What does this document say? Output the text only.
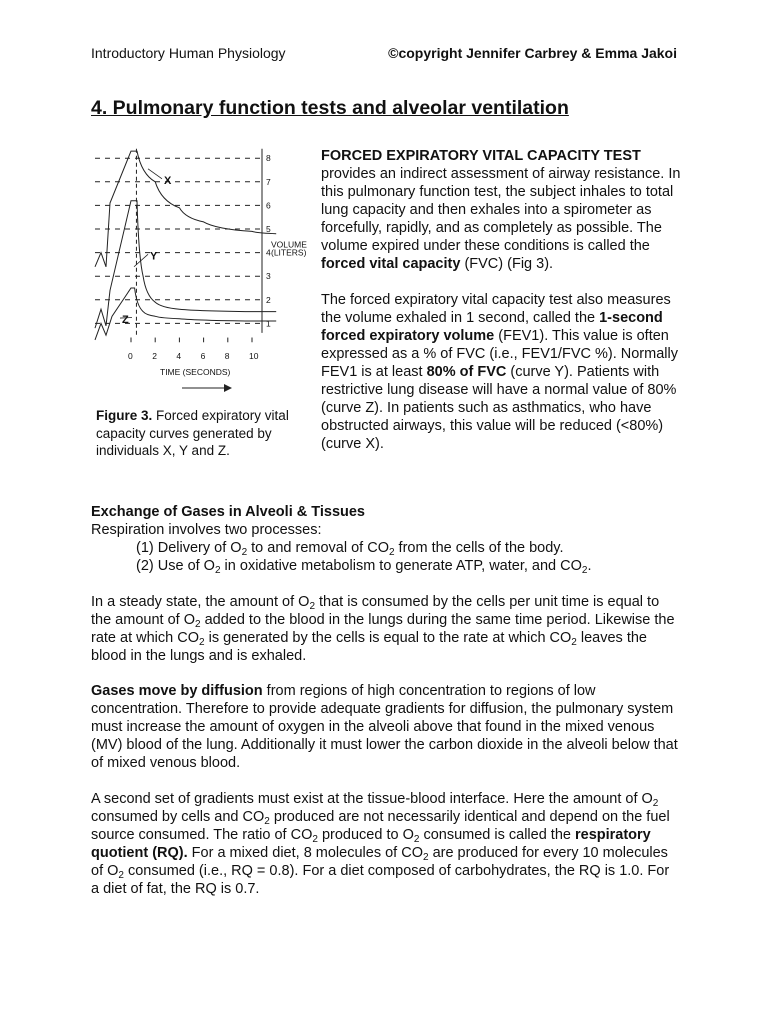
Introductory Human Physiology	©copyright Jennifer Carbrey & Emma Jakoi
4. Pulmonary function tests and alveolar ventilation
8
7
6
5
4
3
2
1
VOLUME
(LITERS)
0 2 4 6 8 10
TIME (SECONDS)
X
Y
Z
Figure 3. Forced expiratory vital capacity curves generated by individuals X, Y and Z.

FORCED EXPIRATORY VITAL CAPACITY TEST
provides an indirect assessment of airway resistance. In this pulmonary function test, the subject inhales to total lung capacity and then exhales into a spirometer as forcefully, rapidly, and as completely as possible. The volume expired under these conditions is called the forced vital capacity (FVC) (Fig 3).

The forced expiratory vital capacity test also measures the volume exhaled in 1 second, called the 1-second forced expiratory volume (FEV1). This value is often expressed as a % of FVC (i.e., FEV1/FVC %). Normally FEV1 is at least 80% of FVC (curve Y). Patients with restrictive lung disease will have a normal value of 80% (curve Z). In patients such as asthmatics, who have obstructed airways, this value will be reduced (<80%) (curve X).

Exchange of Gases in Alveoli & Tissues

Respiration involves two processes:

(1) Delivery of $O_2$ to and removal of $CO_2$ from the cells of the body.

(2) Use of $O_2$ in oxidative metabolism to generate ATP, water, and $CO_2$.

In a steady state, the amount of $O_2$ that is consumed by the cells per unit time is equal to the amount of $O_2$ added to the blood in the lungs during the same time period. Likewise the rate at which $CO_2$ is generated by the cells is equal to the rate at which $CO_2$ leaves the blood in the lungs and is exhaled.

Gases move by diffusion from regions of high concentration to regions of low concentration. Therefore to provide adequate gradients for diffusion, the pulmonary system must increase the amount of oxygen in the alveoli above that found in the mixed venous (MV) blood of the lung. Additionally it must lower the carbon dioxide in the alveoli below that of mixed venous blood.

A second set of gradients must exist at the tissue-blood interface. Here the amount of $O_2$ consumed by cells and $CO_2$ produced are not necessarily identical and depend on the fuel source consumed. The ratio of $CO_2$ produced to $O_2$ consumed is called the respiratory quotient (RQ). For a mixed diet, 8 molecules of $CO_2$ are produced for every 10 molecules of $O_2$ consumed (i.e., RQ = 0.8). For a diet composed of carbohydrates, the RQ is 1.0. For a diet of fat, the RQ is 0.7.
